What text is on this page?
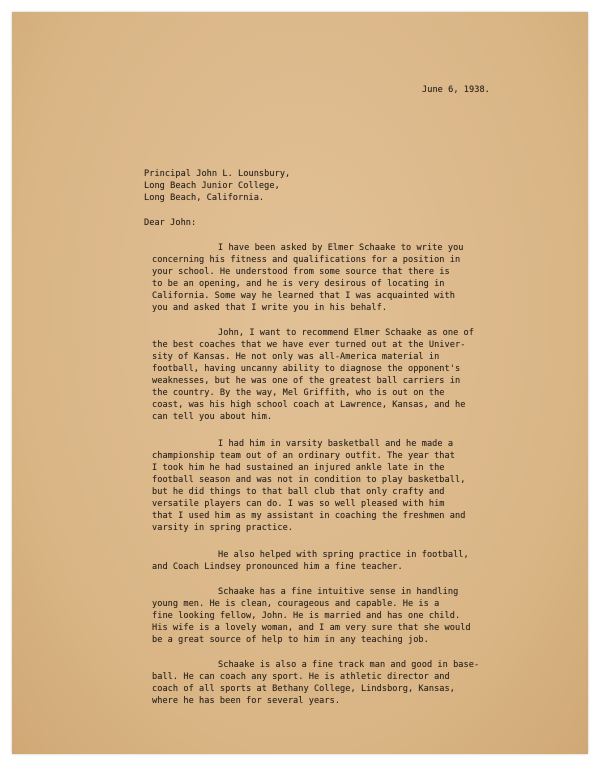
June 6, 1938.
Principal John L. Lounsbury,
Long Beach Junior College,
Long Beach, California.
Dear John:
I have been asked by Elmer Schaake to write you
concerning his fitness and qualifications for a position in
your school. He understood from some source that there is
to be an opening, and he is very desirous of locating in
California. Some way he learned that I was acquainted with
you and asked that I write you in his behalf.
John, I want to recommend Elmer Schaake as one of
the best coaches that we have ever turned out at the Univer-
sity of Kansas. He not only was all-America material in
football, having uncanny ability to diagnose the opponent's
weaknesses, but he was one of the greatest ball carriers in
the country. By the way, Mel Griffith, who is out on the
coast, was his high school coach at Lawrence, Kansas, and he
can tell you about him.
I had him in varsity basketball and he made a
championship team out of an ordinary outfit. The year that
I took him he had sustained an injured ankle late in the
football season and was not in condition to play basketball,
but he did things to that ball club that only crafty and
versatile players can do. I was so well pleased with him
that I used him as my assistant in coaching the freshmen and
varsity in spring practice.
He also helped with spring practice in football,
and Coach Lindsey pronounced him a fine teacher.
Schaake has a fine intuitive sense in handling
young men. He is clean, courageous and capable. He is a
fine looking fellow, John. He is married and has one child.
His wife is a lovely woman, and I am very sure that she would
be a great source of help to him in any teaching job.
Schaake is also a fine track man and good in base-
ball. He can coach any sport. He is athletic director and
coach of all sports at Bethany College, Lindsborg, Kansas,
where he has been for several years.
